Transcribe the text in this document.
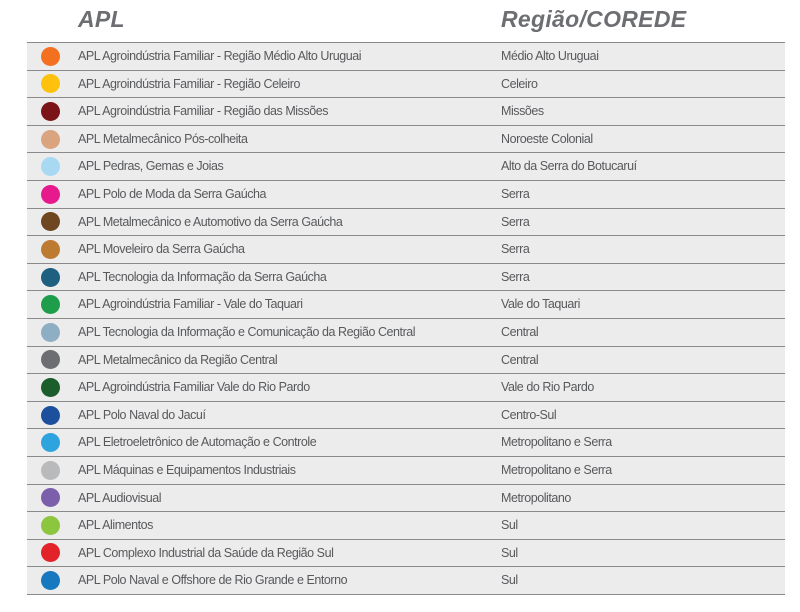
APL	Região/COREDE
APL Agroindústria Familiar - Região Médio Alto Uruguai	Médio Alto Uruguai
APL Agroindústria Familiar - Região Celeiro	Celeiro
APL Agroindústria Familiar - Região das Missões	Missões
APL Metalmecânico Pós-colheita	Noroeste Colonial
APL Pedras, Gemas e Joias	Alto da Serra do Botucaruí
APL Polo de Moda da Serra Gaúcha	Serra
APL Metalmecânico e Automotivo da Serra Gaúcha	Serra
APL Moveleiro da Serra Gaúcha	Serra
APL Tecnologia da Informação da Serra Gaúcha	Serra
APL Agroindústria Familiar - Vale do Taquari	Vale do Taquari
APL Tecnologia da Informação e Comunicação da Região Central	Central
APL Metalmecânico da Região Central	Central
APL Agroindústria Familiar Vale do Rio Pardo	Vale do Rio Pardo
APL Polo Naval do Jacuí	Centro-Sul
APL Eletroeletrônico de Automação e Controle	Metropolitano e Serra
APL Máquinas e Equipamentos Industriais	Metropolitano e Serra
APL Audiovisual	Metropolitano
APL Alimentos	Sul
APL Complexo Industrial da Saúde da Região Sul	Sul
APL Polo Naval e Offshore de Rio Grande e Entorno	Sul
